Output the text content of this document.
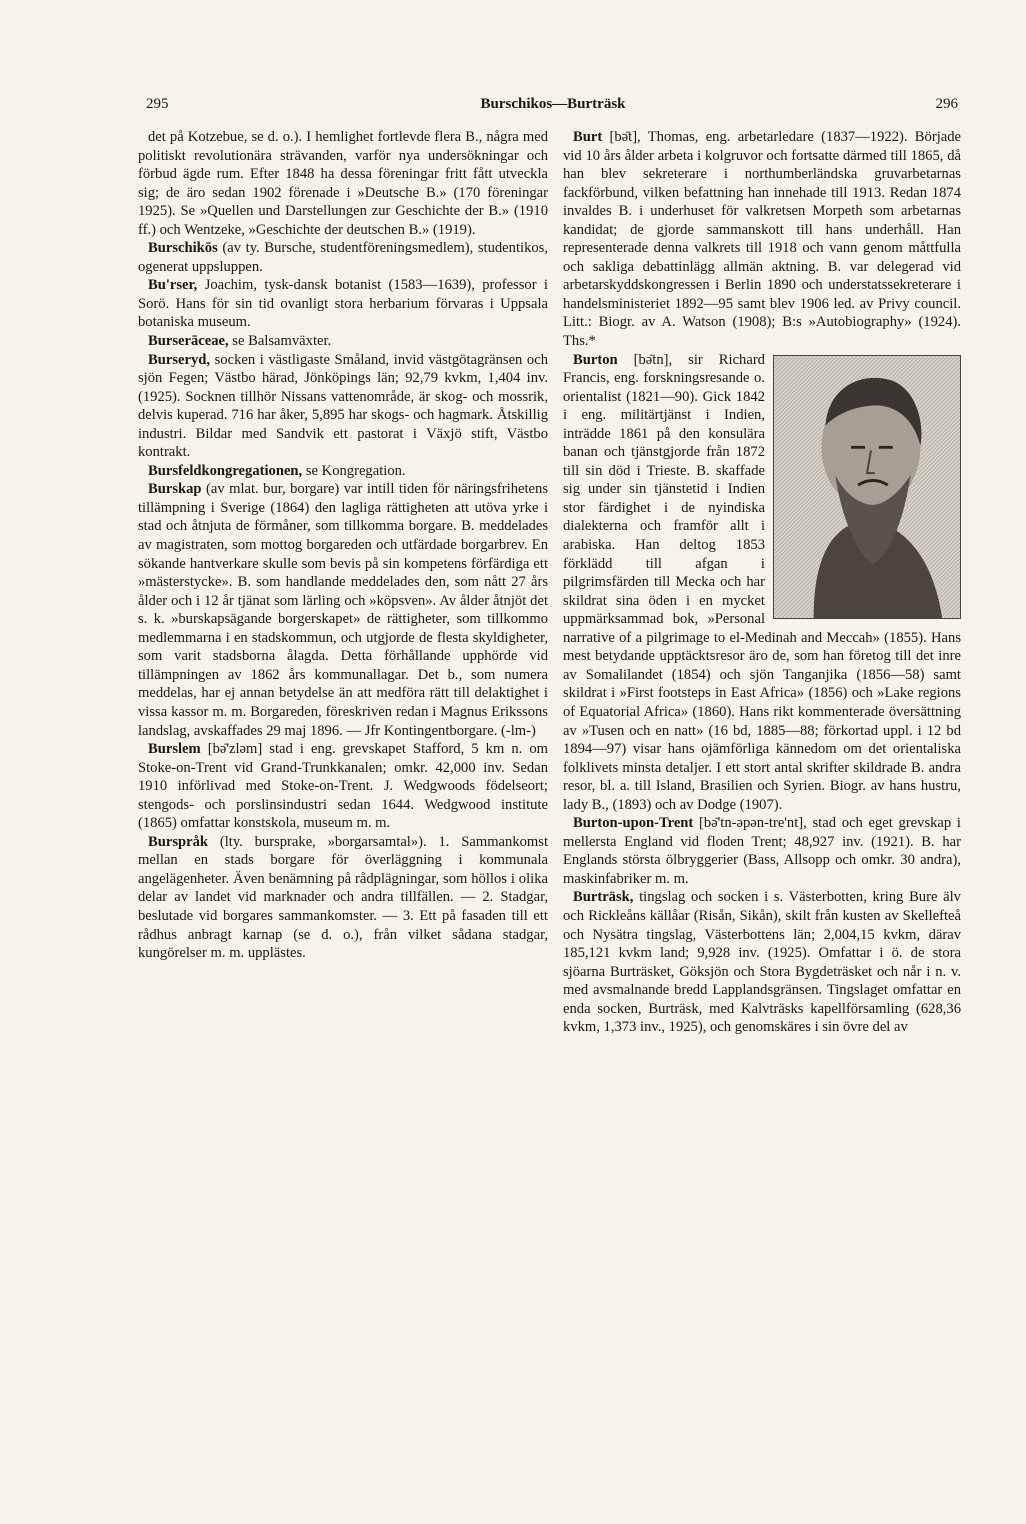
295	Burschikos—Burträsk	296

det på Kotzebue, se d. o.). I hemlighet fortlevde flera B., några med politiskt revolutionära strävanden, varför nya undersökningar och förbud ägde rum. Efter 1848 ha dessa föreningar fritt fått utveckla sig; de äro sedan 1902 förenade i »Deutsche B.» (170 föreningar 1925). Se »Quellen und Darstellungen zur Geschichte der B.» (1910 ff.) och Wentzeke, »Geschichte der deutschen B.» (1919).

Burschikōs (av ty. Bursche, studentföreningsmedlem), studentikos, ogenerat uppsluppen.

Bu'rser, Joachim, tysk-dansk botanist (1583—1639), professor i Sorö. Hans för sin tid ovanligt stora herbarium förvaras i Uppsala botaniska museum.

Burserāceae, se Balsamväxter.

Burseryd, socken i västligaste Småland, invid västgötagränsen och sjön Fegen; Västbo härad, Jönköpings län; 92,79 kvkm, 1,404 inv. (1925). Socknen tillhör Nissans vattenområde, är skog- och mossrik, delvis kuperad. 716 har åker, 5,895 har skogs- och hagmark. Åtskillig industri. Bildar med Sandvik ett pastorat i Växjö stift, Västbo kontrakt.

Bursfeldkongregationen, se Kongregation.

Burskap (av mlat. bur, borgare) var intill tiden för näringsfrihetens tillämpning i Sverige (1864) den lagliga rättigheten att utöva yrke i stad och åtnjuta de förmåner, som tillkomma borgare. B. meddelades av magistraten, som mottog borgareden och utfärdade borgarbrev. En sökande hantverkare skulle som bevis på sin kompetens förfärdiga ett »mästerstycke». B. som handlande meddelades den, som nått 27 års ålder och i 12 år tjänat som lärling och »köpsven». Av ålder åtnjöt det s. k. »burskapsägande borgerskapet» de rättigheter, som tillkommo medlemmarna i en stadskommun, och utgjorde de flesta skyldigheter, som varit stadsborna ålagda. Detta förhållande upphörde vid tillämpningen av 1862 års kommunallagar. Det b., som numera meddelas, har ej annan betydelse än att medföra rätt till delaktighet i vissa kassor m. m. Borgareden, föreskriven redan i Magnus Erikssons landslag, avskaffades 29 maj 1896. — Jfr Kontingentborgare. (-lm-)

Burslem [bə̄'zləm] stad i eng. grevskapet Stafford, 5 km n. om Stoke-on-Trent vid Grand-Trunkkanalen; omkr. 42,000 inv. Sedan 1910 införlivad med Stoke-on-Trent. J. Wedgwoods födelseort; stengods- och porslinsindustri sedan 1644. Wedgwood institute (1865) omfattar konstskola, museum m. m.

Burspråk (lty. bursprake, »borgarsamtal»). 1. Sammankomst mellan en stads borgare för överläggning i kommunala angelägenheter. Även benämning på rådplägningar, som höllos i olika delar av landet vid marknader och andra tillfällen. — 2. Stadgar, beslutade vid borgares sammankomster. — 3. Ett på fasaden till ett rådhus anbragt karnap (se d. o.), från vilket sådana stadgar, kungörelser m. m. upplästes.

Burt [bə̄t], Thomas, eng. arbetarledare (1837—1922). Började vid 10 års ålder arbeta i kolgruvor och fortsatte därmed till 1865, då han blev sekreterare i northumberländska gruvarbetarnas fackförbund, vilken befattning han innehade till 1913. Redan 1874 invaldes B. i underhuset för valkretsen Morpeth som arbetarnas kandidat; de gjorde sammanskott till hans underhåll. Han representerade denna valkrets till 1918 och vann genom måttfulla och sakliga debattinlägg allmän aktning. B. var delegerad vid arbetarskyddskongressen i Berlin 1890 och understatssekreterare i handelsministeriet 1892—95 samt blev 1906 led. av Privy council. Litt.: Biogr. av A. Watson (1908); B:s »Autobiography» (1924). Ths.*

Burton [bə̄tn], sir Richard Francis, eng. forskningsresande o. orientalist (1821—90). Gick 1842 i eng. militärtjänst i Indien, inträdde 1861 på den konsulära banan och tjänstgjorde från 1872 till sin död i Trieste. B. skaffade sig under sin tjänstetid i Indien stor färdighet i de nyindiska dialekterna och framför allt i arabiska. Han deltog 1853 förklädd till afgan i pilgrimsfärden till Mecka och har skildrat sina öden i en mycket uppmärksammad bok, »Personal narrative of a pilgrimage to el-Medinah and Meccah» (1855). Hans mest betydande upptäcktsresor äro de, som han företog till det inre av Somalilandet (1854) och sjön Tanganjika (1856—58) samt skildrat i »First footsteps in East Africa» (1856) och »Lake regions of Equatorial Africa» (1860). Hans rikt kommenterade översättning av »Tusen och en natt» (16 bd, 1885—88; förkortad uppl. i 12 bd 1894—97) visar hans ojämförliga kännedom om det orientaliska folklivets minsta detaljer. I ett stort antal skrifter skildrade B. andra resor, bl. a. till Island, Brasilien och Syrien. Biogr. av hans hustru, lady B., (1893) och av Dodge (1907).

Burton-upon-Trent [bə̄'tn-əpən-tre'nt], stad och eget grevskap i mellersta England vid floden Trent; 48,927 inv. (1921). B. har Englands största ölbryggerier (Bass, Allsopp och omkr. 30 andra), maskinfabriker m. m.

Burträsk, tingslag och socken i s. Västerbotten, kring Bure älv och Rickleåns källåar (Risån, Sikån), skilt från kusten av Skellefteå och Nysätra tingslag, Västerbottens län; 2,004,15 kvkm, därav 185,121 kvkm land; 9,928 inv. (1925). Omfattar i ö. de stora sjöarna Burträsket, Göksjön och Stora Bygdeträsket och når i n. v. med avsmalnande bredd Lapplandsgränsen. Tingslaget omfattar en enda socken, Burträsk, med Kalvträsks kapellförsamling (628,36 kvkm, 1,373 inv., 1925), och genomskäres i sin övre del av
